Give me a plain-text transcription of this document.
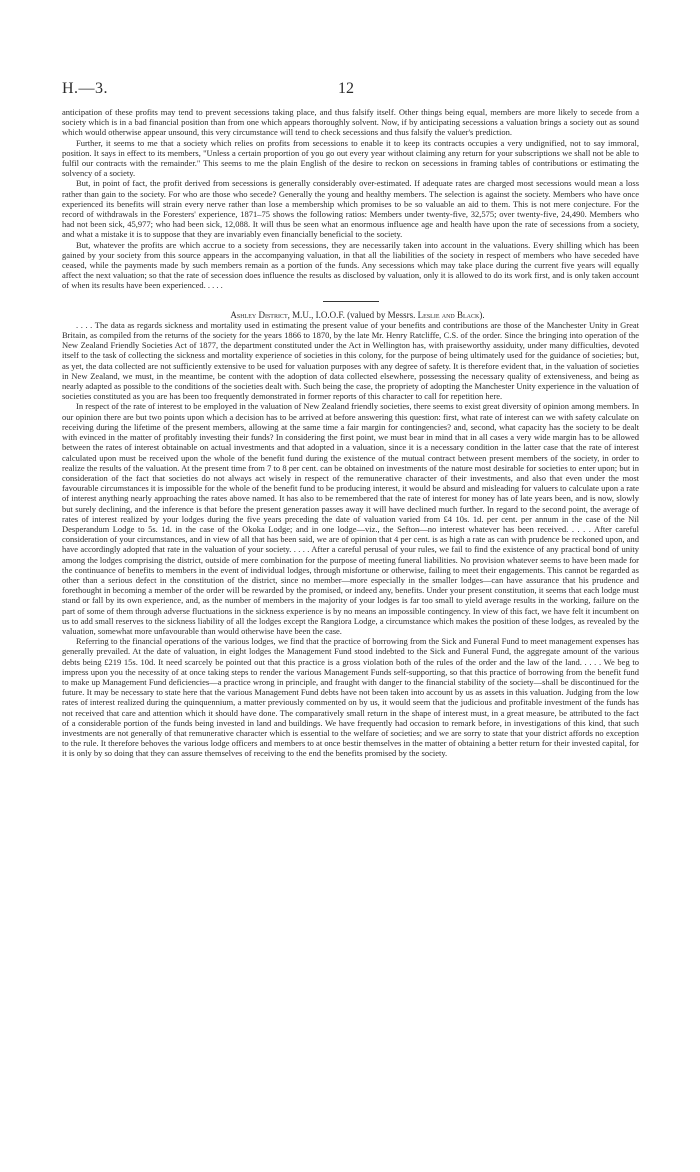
H.—3.	12

anticipation of these profits may tend to prevent secessions taking place, and thus falsify itself. Other things being equal, members are more likely to secede from a society which is in a bad financial position than from one which appears thoroughly solvent. Now, if by anticipating secessions a valuation brings a society out as sound which would otherwise appear unsound, this very circumstance will tend to check secessions and thus falsify the valuer's prediction.

Further, it seems to me that a society which relies on profits from secessions to enable it to keep its contracts occupies a very undignified, not to say immoral, position. It says in effect to its members, "Unless a certain proportion of you go out every year without claiming any return for your subscriptions we shall not be able to fulfil our contracts with the remainder." This seems to me the plain English of the desire to reckon on secessions in framing tables of contributions or estimating the solvency of a society.

But, in point of fact, the profit derived from secessions is generally considerably over-estimated. If adequate rates are charged most secessions would mean a loss rather than gain to the society. For who are those who secede? Generally the young and healthy members. The selection is against the society. Members who have once experienced its benefits will strain every nerve rather than lose a membership which promises to be so valuable an aid to them. This is not mere conjecture. For the record of withdrawals in the Foresters' experience, 1871–75 shows the following ratios: Members under twenty-five, 32,575; over twenty-five, 24,490. Members who had not been sick, 45,977; who had been sick, 12,088. It will thus be seen what an enormous influence age and health have upon the rate of secessions from a society, and what a mistake it is to suppose that they are invariably even financially beneficial to the society.

But, whatever the profits are which accrue to a society from secessions, they are necessarily taken into account in the valuations. Every shilling which has been gained by your society from this source appears in the accompanying valuation, in that all the liabilities of the society in respect of members who have seceded have ceased, while the payments made by such members remain as a portion of the funds. Any secessions which may take place during the current five years will equally affect the next valuation; so that the rate of secession does influence the results as disclosed by valuation, only it is allowed to do its work first, and is only taken account of when its results have been experienced. . . . .

Ashley District, M.U., I.O.O.F. (valued by Messrs. Leslie and Black).

. . . . The data as regards sickness and mortality used in estimating the present value of your benefits and contributions are those of the Manchester Unity in Great Britain, as compiled from the returns of the society for the years 1866 to 1870, by the late Mr. Henry Ratcliffe, C.S. of the order. Since the bringing into operation of the New Zealand Friendly Societies Act of 1877, the department constituted under the Act in Wellington has, with praiseworthy assiduity, under many difficulties, devoted itself to the task of collecting the sickness and mortality experience of societies in this colony, for the purpose of being ultimately used for the guidance of societies; but, as yet, the data collected are not sufficiently extensive to be used for valuation purposes with any degree of safety. It is therefore evident that, in the valuation of societies in New Zealand, we must, in the meantime, be content with the adoption of data collected elsewhere, possessing the necessary quality of extensiveness, and being as nearly adapted as possible to the conditions of the societies dealt with. Such being the case, the propriety of adopting the Manchester Unity experience in the valuation of societies constituted as you are has been too frequently demonstrated in former reports of this character to call for repetition here.

In respect of the rate of interest to be employed in the valuation of New Zealand friendly societies, there seems to exist great diversity of opinion among members. In our opinion there are but two points upon which a decision has to be arrived at before answering this question: first, what rate of interest can we with safety calculate on receiving during the lifetime of the present members, allowing at the same time a fair margin for contingencies? and, second, what capacity has the society to be dealt with evinced in the matter of profitably investing their funds? In considering the first point, we must bear in mind that in all cases a very wide margin has to be allowed between the rates of interest obtainable on actual investments and that adopted in a valuation, since it is a necessary condition in the latter case that the rate of interest calculated upon must be received upon the whole of the benefit fund during the existence of the mutual contract between present members of the society, in order to realize the results of the valuation. At the present time from 7 to 8 per cent. can be obtained on investments of the nature most desirable for societies to enter upon; but in consideration of the fact that societies do not always act wisely in respect of the remunerative character of their investments, and also that even under the most favourable circumstances it is impossible for the whole of the benefit fund to be producing interest, it would be absurd and misleading for valuers to calculate upon a rate of interest anything nearly approaching the rates above named. It has also to be remembered that the rate of interest for money has of late years been, and is now, slowly but surely declining, and the inference is that before the present generation passes away it will have declined much further. In regard to the second point, the average of rates of interest realized by your lodges during the five years preceding the date of valuation varied from £4 10s. 1d. per cent. per annum in the case of the Nil Desperandum Lodge to 5s. 1d. in the case of the Okoka Lodge; and in one lodge—viz., the Sefton—no interest whatever has been received. . . . . After careful consideration of your circumstances, and in view of all that has been said, we are of opinion that 4 per cent. is as high a rate as can with prudence be reckoned upon, and have accordingly adopted that rate in the valuation of your society. . . . . After a careful perusal of your rules, we fail to find the existence of any practical bond of unity among the lodges comprising the district, outside of mere combination for the purpose of meeting funeral liabilities. No provision whatever seems to have been made for the continuance of benefits to members in the event of individual lodges, through misfortune or otherwise, failing to meet their engagements. This cannot be regarded as other than a serious defect in the constitution of the district, since no member—more especially in the smaller lodges—can have assurance that his prudence and forethought in becoming a member of the order will be rewarded by the promised, or indeed any, benefits. Under your present constitution, it seems that each lodge must stand or fall by its own experience, and, as the number of members in the majority of your lodges is far too small to yield average results in the working, failure on the part of some of them through adverse fluctuations in the sickness experience is by no means an impossible contingency. In view of this fact, we have felt it incumbent on us to add small reserves to the sickness liability of all the lodges except the Rangiora Lodge, a circumstance which makes the position of these lodges, as revealed by the valuation, somewhat more unfavourable than would otherwise have been the case.

Referring to the financial operations of the various lodges, we find that the practice of borrowing from the Sick and Funeral Fund to meet management expenses has generally prevailed. At the date of valuation, in eight lodges the Management Fund stood indebted to the Sick and Funeral Fund, the aggregate amount of the various debts being £219 15s. 10d. It need scarcely be pointed out that this practice is a gross violation both of the rules of the order and the law of the land. . . . . We beg to impress upon you the necessity of at once taking steps to render the various Management Funds self-supporting, so that this practice of borrowing from the benefit fund to make up Management Fund deficiencies—a practice wrong in principle, and fraught with danger to the financial stability of the society—shall be discontinued for the future. It may be necessary to state here that the various Management Fund debts have not been taken into account by us as assets in this valuation. Judging from the low rates of interest realized during the quinquennium, a matter previously commented on by us, it would seem that the judicious and profitable investment of the funds has not received that care and attention which it should have done. The comparatively small return in the shape of interest must, in a great measure, be attributed to the fact of a considerable portion of the funds being invested in land and buildings. We have frequently had occasion to remark before, in investigations of this kind, that such investments are not generally of that remunerative character which is essential to the welfare of societies; and we are sorry to state that your district affords no exception to the rule. It therefore behoves the various lodge officers and members to at once bestir themselves in the matter of obtaining a better return for their invested capital, for it is only by so doing that they can assure themselves of receiving to the end the benefits promised by the society.
